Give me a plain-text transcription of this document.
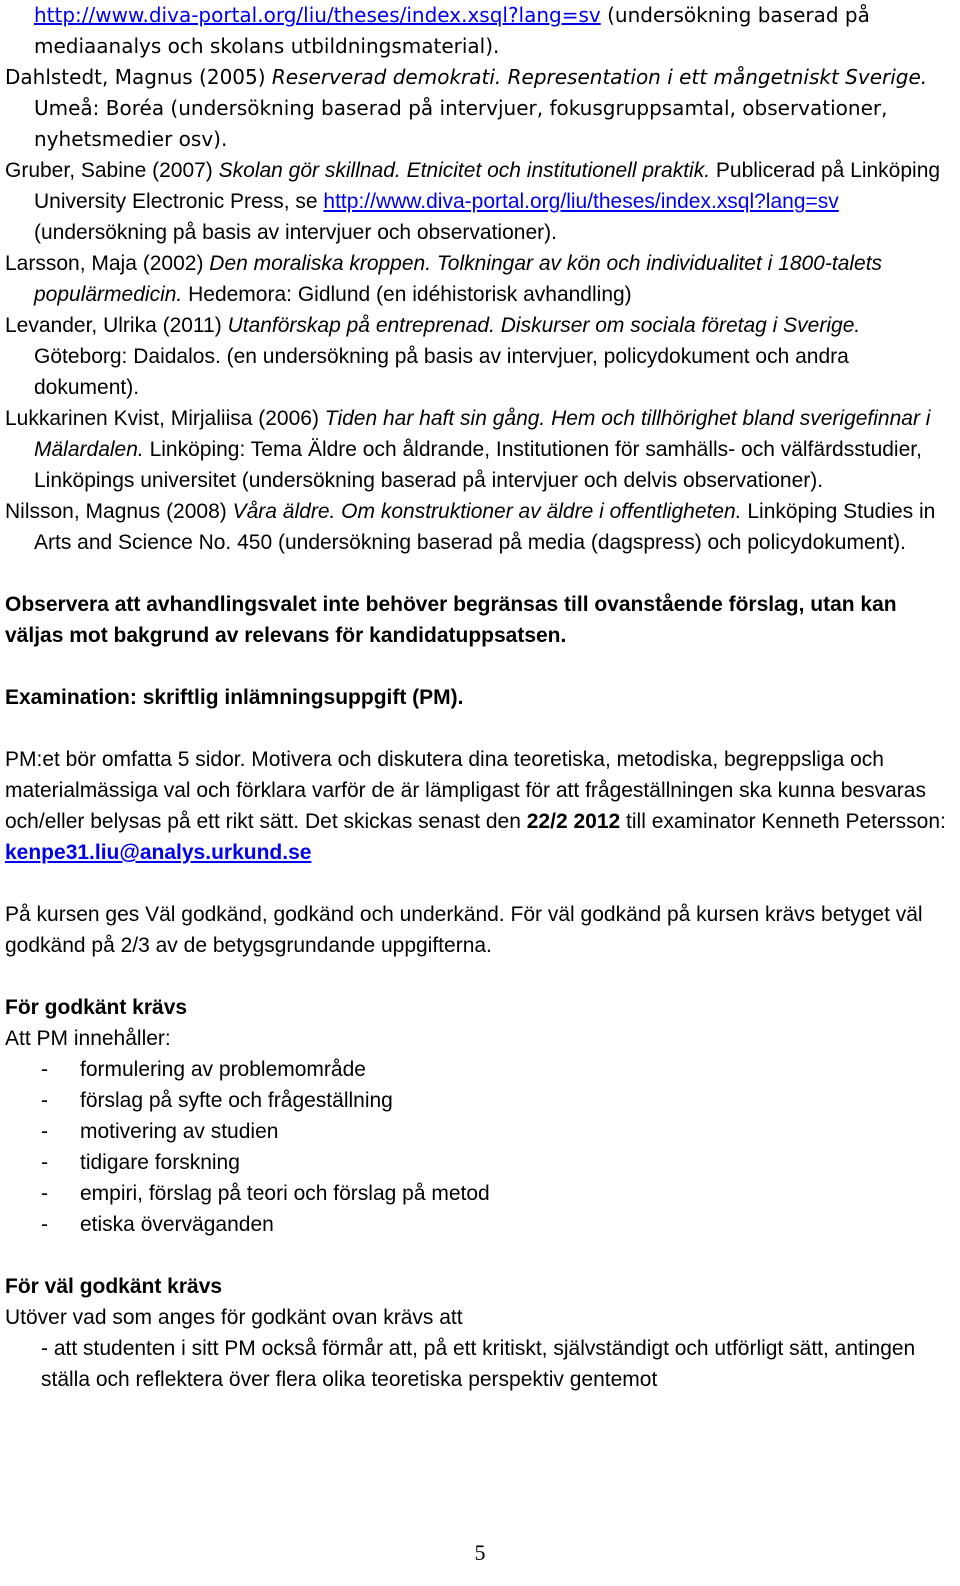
http://www.diva-portal.org/liu/theses/index.xsql?lang=sv (undersökning baserad på
mediaanalys och skolans utbildningsmaterial).

Dahlstedt, Magnus (2005) Reserverad demokrati. Representation i ett mångetniskt Sverige.
Umeå: Boréa (undersökning baserad på intervjuer, fokusgruppsamtal, observationer, nyhetsmedier osv).

Gruber, Sabine (2007) Skolan gör skillnad. Etnicitet och institutionell praktik. Publicerad på Linköping University Electronic Press, se http://www.diva-portal.org/liu/theses/index.xsql?lang=sv (undersökning på basis av intervjuer och observationer).

Larsson, Maja (2002) Den moraliska kroppen. Tolkningar av kön och individualitet i 1800-talets populärmedicin. Hedemora: Gidlund (en idéhistorisk avhandling)

Levander, Ulrika (2011) Utanförskap på entreprenad. Diskurser om sociala företag i Sverige. Göteborg: Daidalos. (en undersökning på basis av intervjuer, policydokument och andra dokument).

Lukkarinen Kvist, Mirjaliisa (2006) Tiden har haft sin gång. Hem och tillhörighet bland sverigefinnar i Mälardalen. Linköping: Tema Äldre och åldrande, Institutionen för samhälls- och välfärdsstudier, Linköpings universitet (undersökning baserad på intervjuer och delvis observationer).

Nilsson, Magnus (2008) Våra äldre. Om konstruktioner av äldre i offentligheten. Linköping Studies in Arts and Science No. 450 (undersökning baserad på media (dagspress) och policydokument).

Observera att avhandlingsvalet inte behöver begränsas till ovanstående förslag, utan kan väljas mot bakgrund av relevans för kandidatuppsatsen.

Examination: skriftlig inlämningsuppgift (PM).

PM:et bör omfatta 5 sidor. Motivera och diskutera dina teoretiska, metodiska, begreppsliga och materialmässiga val och förklara varför de är lämpligast för att frågeställningen ska kunna besvaras och/eller belysas på ett rikt sätt. Det skickas senast den 22/2 2012 till examinator Kenneth Petersson: kenpe31.liu@analys.urkund.se

På kursen ges Väl godkänd, godkänd och underkänd. För väl godkänd på kursen krävs betyget väl godkänd på 2/3 av de betygsgrundande uppgifterna.

För godkänt krävs

Att PM innehåller:

- formulering av problemområde
- förslag på syfte och frågeställning
- motivering av studien
- tidigare forskning
- empiri, förslag på teori och förslag på metod
- etiska överväganden

För väl godkänt krävs

Utöver vad som anges för godkänt ovan krävs att

- att studenten i sitt PM också förmår att, på ett kritiskt, självständigt och utförligt sätt, antingen ställa och reflektera över flera olika teoretiska perspektiv gentemot

5
